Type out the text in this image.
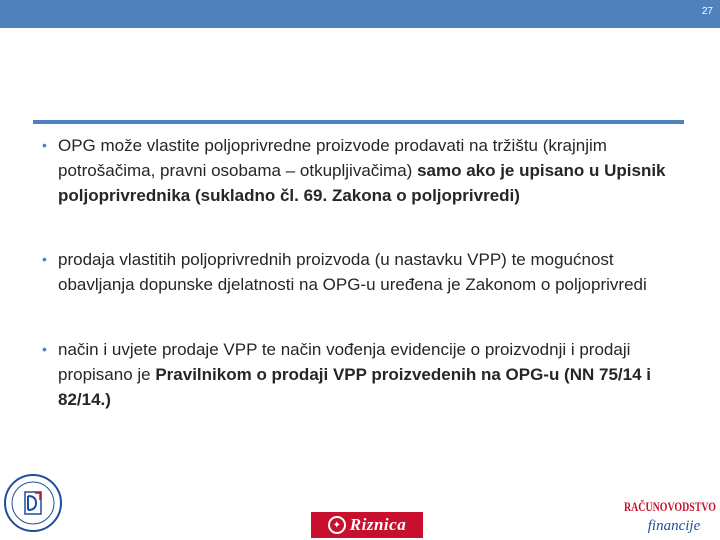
27
• OPG može vlastite poljoprivredne proizvode prodavati na tržištu (krajnjim potrošačima, pravni osobama – otkupljivačima) samo ako je upisano u Upisnik poljoprivrednika (sukladno čl. 69. Zakona o poljoprivredi)
• prodaja vlastitih poljoprivrednih proizvoda (u nastavku VPP) te mogućnost obavljanja dopunske djelatnosti na OPG-u uređena je Zakonom o poljoprivredi
• način i uvjete prodaje VPP te način vođenja evidencije o proizvodnji i prodaji propisano je Pravilnikom o prodaji VPP proizvedenih na OPG-u (NN 75/14 i 82/14.)
✦ Riznica
RAČUNOVODSTVO
financije
